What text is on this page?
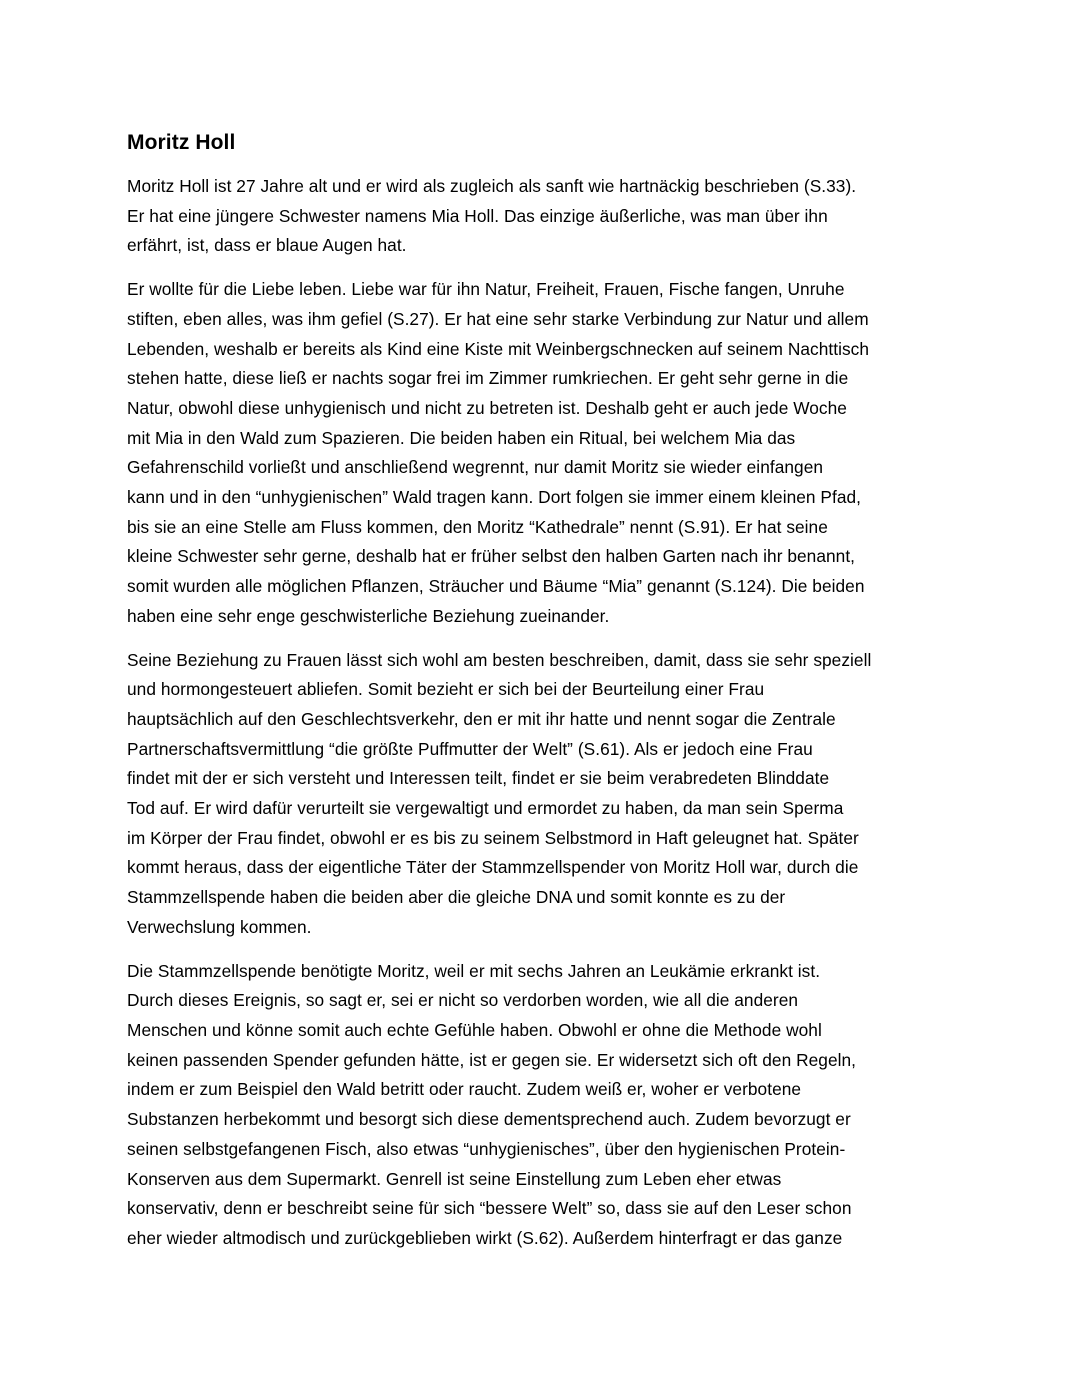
Moritz Holl

Moritz Holl ist 27 Jahre alt und er wird als zugleich als sanft wie hartnäckig beschrieben (S.33).
Er hat eine jüngere Schwester namens Mia Holl. Das einzige äußerliche, was man über ihn
erfährt, ist, dass er blaue Augen hat.

Er wollte für die Liebe leben. Liebe war für ihn Natur, Freiheit, Frauen, Fische fangen, Unruhe
stiften, eben alles, was ihm gefiel (S.27). Er hat eine sehr starke Verbindung zur Natur und allem
Lebenden, weshalb er bereits als Kind eine Kiste mit Weinbergschnecken auf seinem Nachttisch
stehen hatte, diese ließ er nachts sogar frei im Zimmer rumkriechen. Er geht sehr gerne in die
Natur, obwohl diese unhygienisch und nicht zu betreten ist. Deshalb geht er auch jede Woche
mit Mia in den Wald zum Spazieren. Die beiden haben ein Ritual, bei welchem Mia das
Gefahrenschild vorließt und anschließend wegrennt, nur damit Moritz sie wieder einfangen
kann und in den “unhygienischen” Wald tragen kann. Dort folgen sie immer einem kleinen Pfad,
bis sie an eine Stelle am Fluss kommen, den Moritz “Kathedrale” nennt (S.91). Er hat seine
kleine Schwester sehr gerne, deshalb hat er früher selbst den halben Garten nach ihr benannt,
somit wurden alle möglichen Pflanzen, Sträucher und Bäume “Mia” genannt (S.124). Die beiden
haben eine sehr enge geschwisterliche Beziehung zueinander.

Seine Beziehung zu Frauen lässt sich wohl am besten beschreiben, damit, dass sie sehr speziell
und hormongesteuert abliefen. Somit bezieht er sich bei der Beurteilung einer Frau
hauptsächlich auf den Geschlechtsverkehr, den er mit ihr hatte und nennt sogar die Zentrale
Partnerschaftsvermittlung “die größte Puffmutter der Welt” (S.61). Als er jedoch eine Frau
findet mit der er sich versteht und Interessen teilt, findet er sie beim verabredeten Blinddate
Tod auf. Er wird dafür verurteilt sie vergewaltigt und ermordet zu haben, da man sein Sperma
im Körper der Frau findet, obwohl er es bis zu seinem Selbstmord in Haft geleugnet hat. Später
kommt heraus, dass der eigentliche Täter der Stammzellspender von Moritz Holl war, durch die
Stammzellspende haben die beiden aber die gleiche DNA und somit konnte es zu der
Verwechslung kommen.

Die Stammzellspende benötigte Moritz, weil er mit sechs Jahren an Leukämie erkrankt ist.
Durch dieses Ereignis, so sagt er, sei er nicht so verdorben worden, wie all die anderen
Menschen und könne somit auch echte Gefühle haben. Obwohl er ohne die Methode wohl
keinen passenden Spender gefunden hätte, ist er gegen sie. Er widersetzt sich oft den Regeln,
indem er zum Beispiel den Wald betritt oder raucht. Zudem weiß er, woher er verbotene
Substanzen herbekommt und besorgt sich diese dementsprechend auch. Zudem bevorzugt er
seinen selbstgefangenen Fisch, also etwas “unhygienisches”, über den hygienischen Protein-
Konserven aus dem Supermarkt. Genrell ist seine Einstellung zum Leben eher etwas
konservativ, denn er beschreibt seine für sich “bessere Welt” so, dass sie auf den Leser schon
eher wieder altmodisch und zurückgeblieben wirkt (S.62). Außerdem hinterfragt er das ganze
